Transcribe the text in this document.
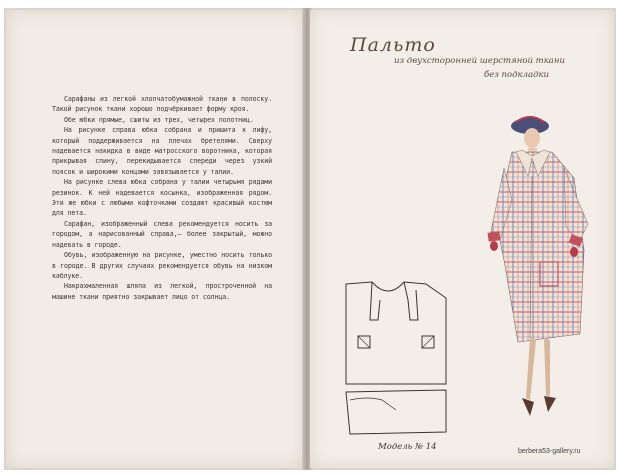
Сарафаны из легкой хлопчатобумажной ткани в полоску. Такой рисунок ткани хорошо подчёркивает форму кроя.

Обе юбки прямые, сшиты из трех, четырех полотниц.

На рисунке справа юбка собрана и пришита к лифу, который поддерживается на плечах бретелями. Сверху надевается накидка в виде матросского воротника, которая прикрывая спину, перекидывается спереди через узкий поясок и широкими концами завязывается у талии.

На рисунке слева юбка собрана у талии четырьмя рядами резинок. К ней надевается косынка, изображенная рядом. Эти же юбки с любыми кофточками создают красивый костюм для лета.

Сарафан, изображенный слева рекомендуется носить за городом, а нарисованный справа,— более закрытый, можно надевать в городе.

Обувь, изображенную на рисунке, уместно носить только в городе. В других случаях рекомендуется обувь на низком каблуке.

Накрахмаленная шляпа из легкой, простроченной на машине ткани приятно закрывает лицо от солнца.

Пальто
из двухсторонней шерстяной ткани
без подкладки
Модель № 14	berbera53-gallery.ru
